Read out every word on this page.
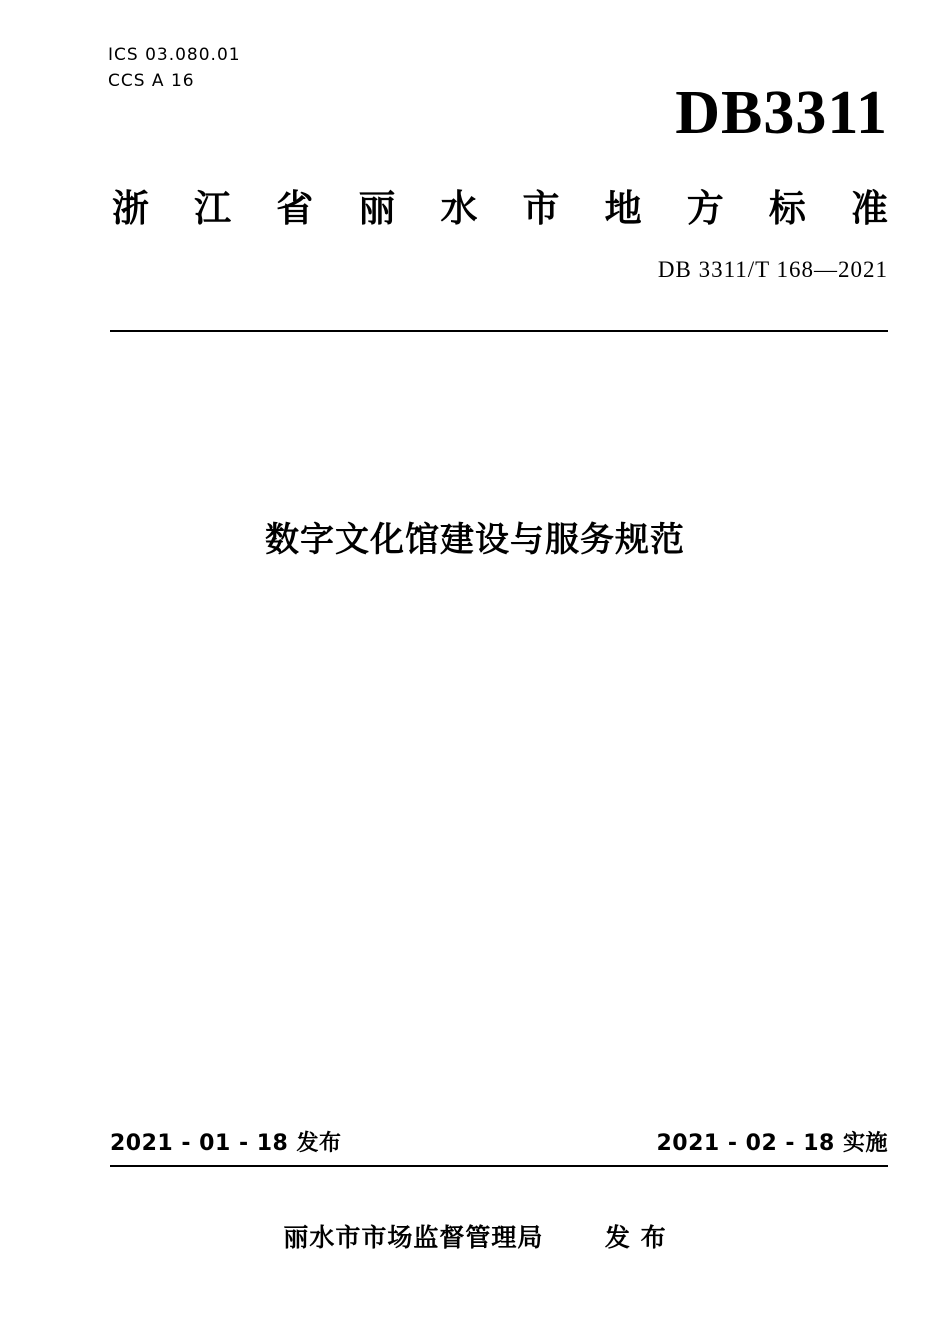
ICS 03.080.01
CCS A 16	DB3311
浙 江 省 丽 水 市 地 方 标 准
DB 3311/T 168—2021
数字文化馆建设与服务规范
2021 - 01 - 18 发布	2021 - 02 - 18 实施
丽水市市场监督管理局 发 布
